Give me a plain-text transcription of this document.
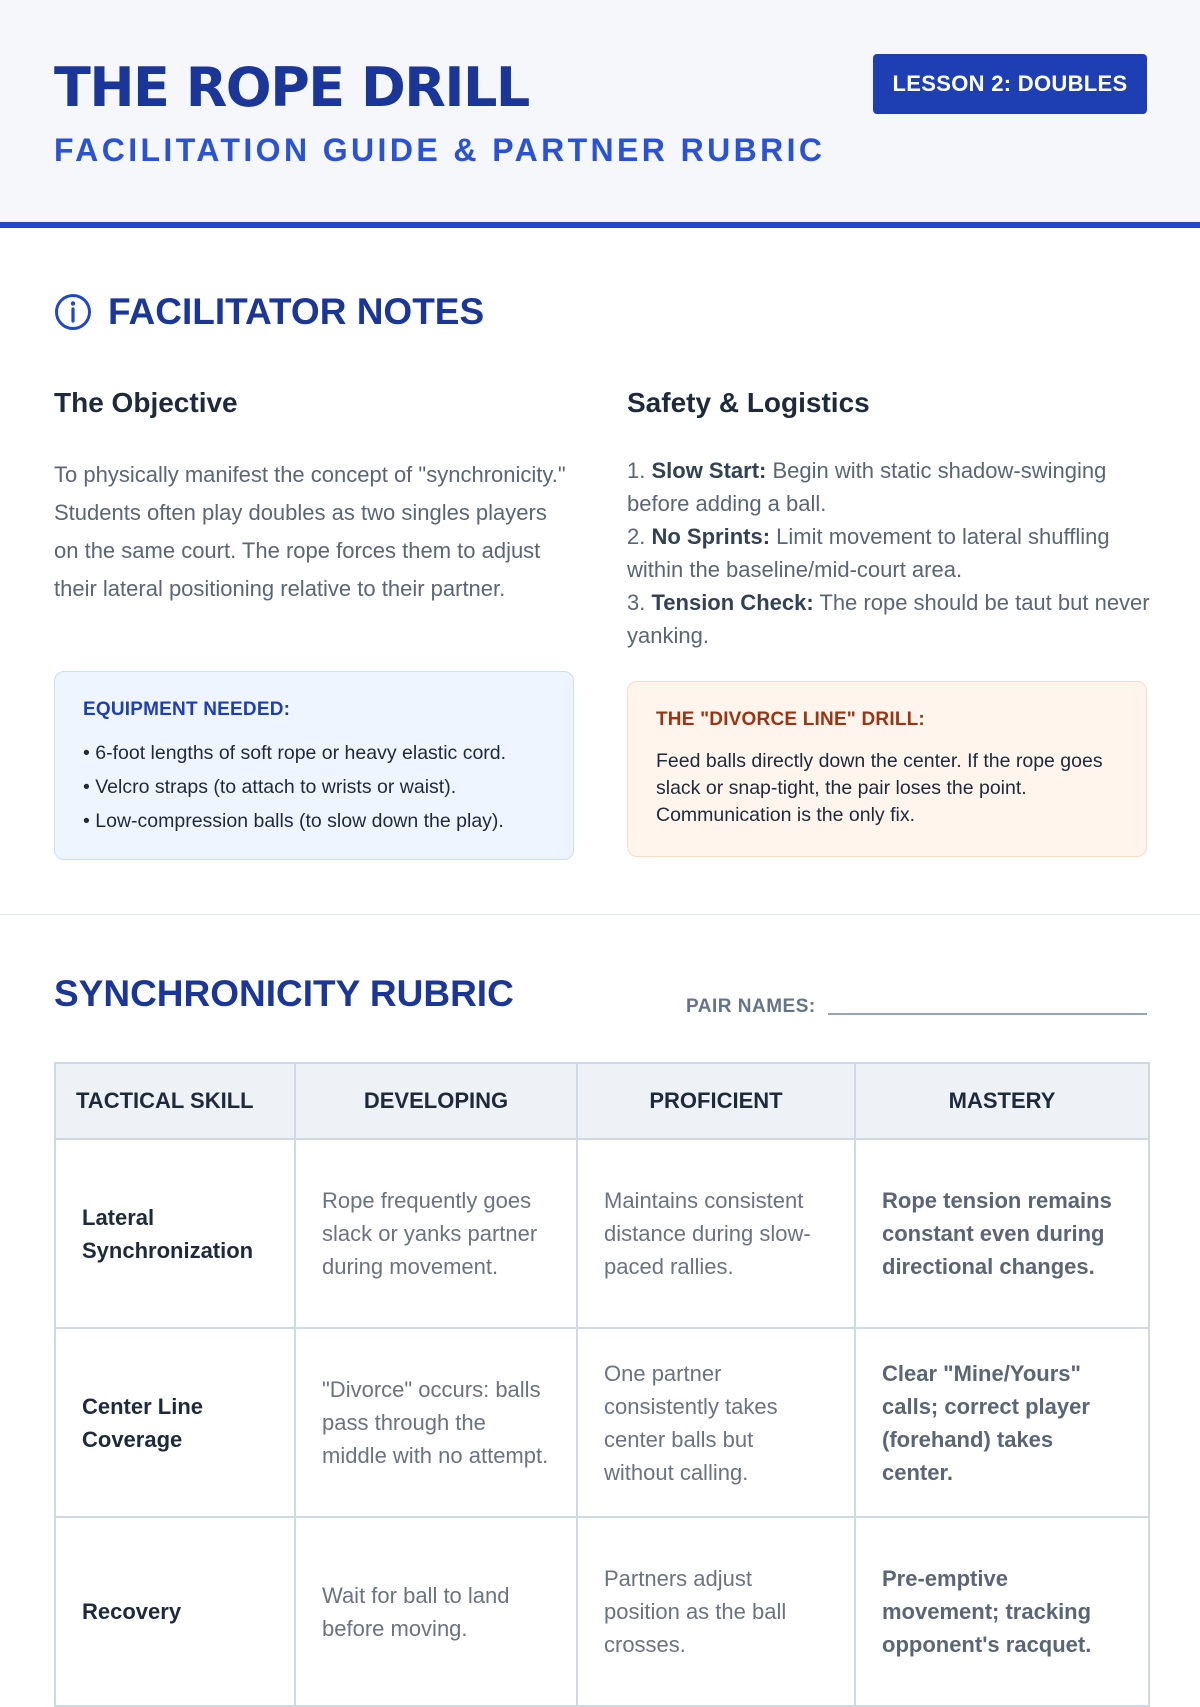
THE ROPE DRILL
FACILITATION GUIDE & PARTNER RUBRIC
LESSON 2: DOUBLES
FACILITATOR NOTES
The Objective

To physically manifest the concept of "synchronicity." Students often play doubles as two singles players on the same court. The rope forces them to adjust their lateral positioning relative to their partner.

Safety & Logistics
1. Slow Start: Begin with static shadow-swinging before adding a ball.
2. No Sprints: Limit movement to lateral shuffling within the baseline/mid-court area.
3. Tension Check: The rope should be taut but never yanking.
EQUIPMENT NEEDED:
• 6-foot lengths of soft rope or heavy elastic cord.
• Velcro straps (to attach to wrists or waist).
• Low-compression balls (to slow down the play).
THE "DIVORCE LINE" DRILL:

Feed balls directly down the center. If the rope goes slack or snap-tight, the pair loses the point. Communication is the only fix.

SYNCHRONICITY RUBRIC	PAIR NAMES:
TACTICAL SKILL	DEVELOPING	PROFICIENT	MASTERY
Lateral Synchronization	Rope frequently goes slack or yanks partner during movement.	Maintains consistent distance during slow-paced rallies.	Rope tension remains constant even during directional changes.
Center Line Coverage	"Divorce" occurs: balls pass through the middle with no attempt.	One partner consistently takes center balls but without calling.	Clear "Mine/Yours" calls; correct player (forehand) takes center.
Recovery	Wait for ball to land before moving.	Partners adjust position as the ball crosses.	Pre-emptive movement; tracking opponent's racquet.
